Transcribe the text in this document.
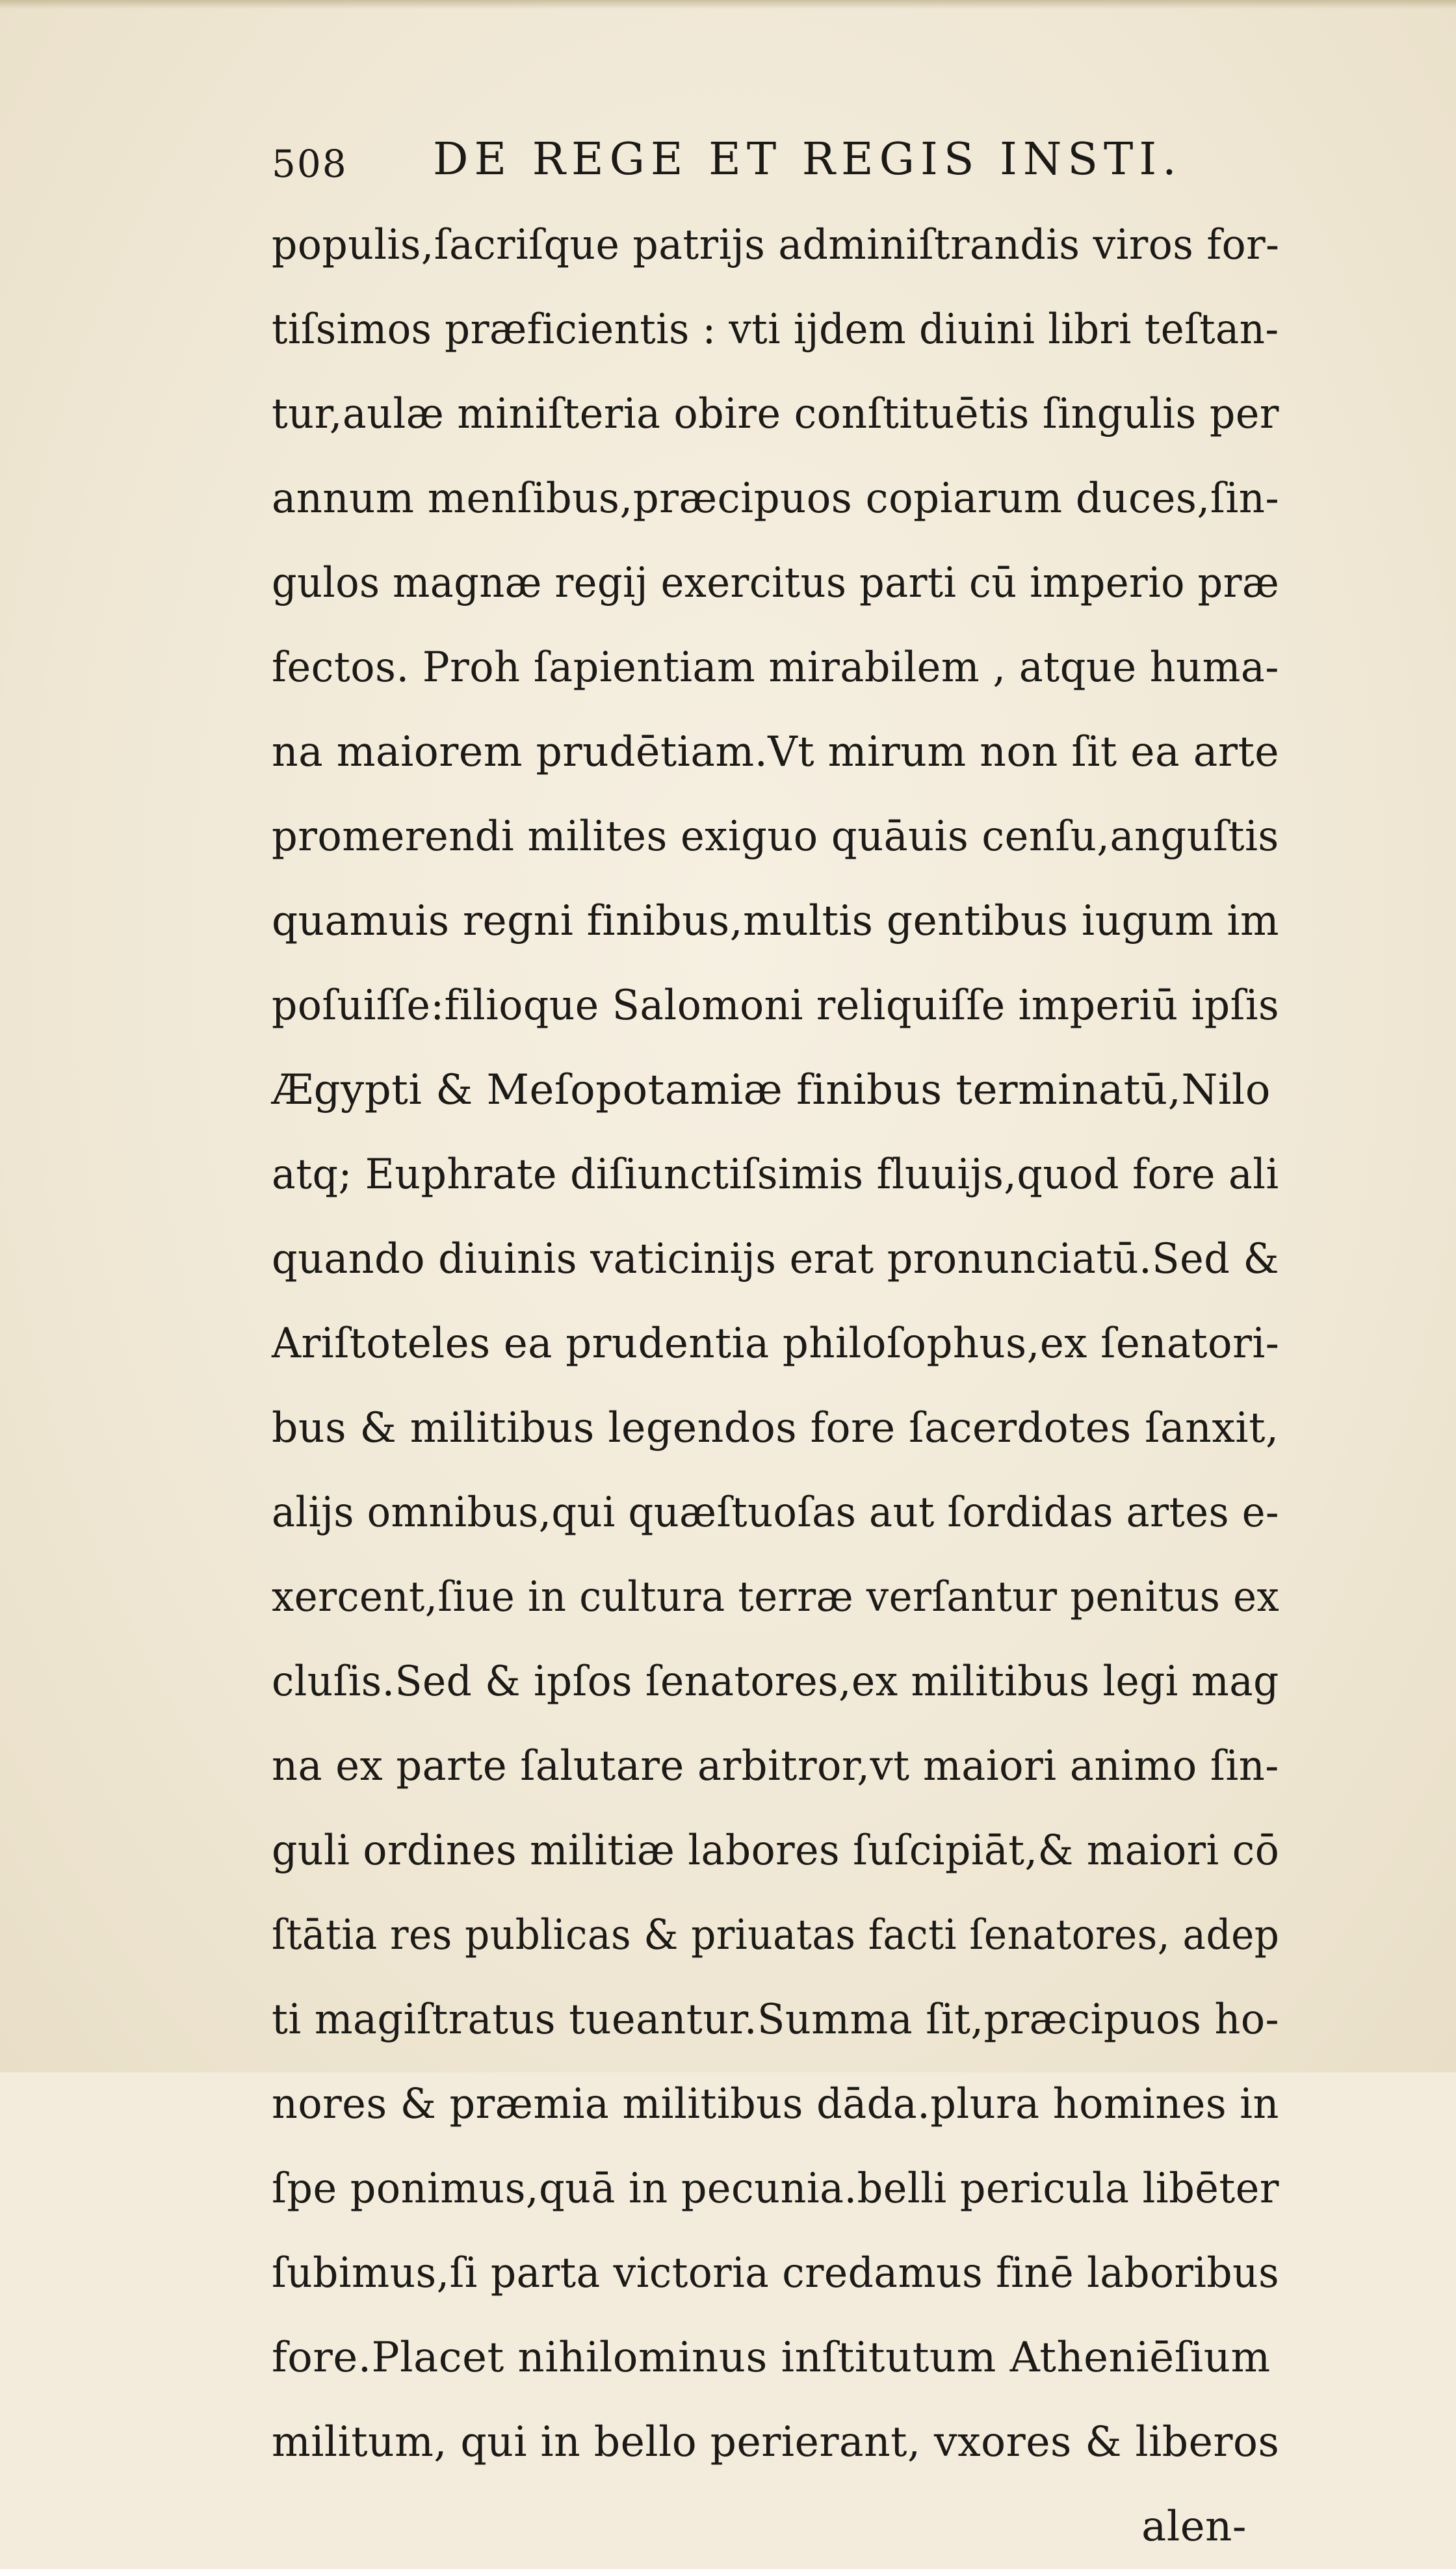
508 DE REGE ET REGIS INSTI.
populis,ſacriſque patrijs adminiſtrandis viros for-
tiſsimos præficientis : vti ijdem diuini libri teſtan-
tur,aulæ miniſteria obire conſtituētis ſingulis per
annum menſibus,præcipuos copiarum duces,ſin-
gulos magnæ regij exercitus parti cū imperio præ
fectos. Proh ſapientiam mirabilem , atque huma-
na maiorem prudētiam.Vt mirum non ſit ea arte
promerendi milites exiguo quāuis cenſu,anguſtis
quamuis regni finibus,multis gentibus iugum im
poſuiſſe:filioque Salomoni reliquiſſe imperiū ipſis
Ægypti & Meſopotamiæ finibus terminatū,Nilo
atq; Euphrate diſiunctiſsimis fluuijs,quod fore ali
quando diuinis vaticinijs erat pronunciatū.Sed &
Ariſtoteles ea prudentia philoſophus,ex ſenatori-
bus & militibus legendos fore ſacerdotes ſanxit,
alijs omnibus,qui quæſtuoſas aut ſordidas artes e-
xercent,ſiue in cultura terræ verſantur penitus ex
cluſis.Sed & ipſos ſenatores,ex militibus legi mag
na ex parte ſalutare arbitror,vt maiori animo ſin-
guli ordines militiæ labores ſuſcipiāt,& maiori cō
ſtātia res publicas & priuatas facti ſenatores, adep
ti magiſtratus tueantur.Summa ſit,præcipuos ho-
nores & præmia militibus dāda.plura homines in
ſpe ponimus,quā in pecunia.belli pericula libēter
ſubimus,ſi parta victoria credamus finē laboribus
fore.Placet nihilominus inſtitutum Atheniēſium
militum, qui in bello perierant, vxores & liberos
alen-
